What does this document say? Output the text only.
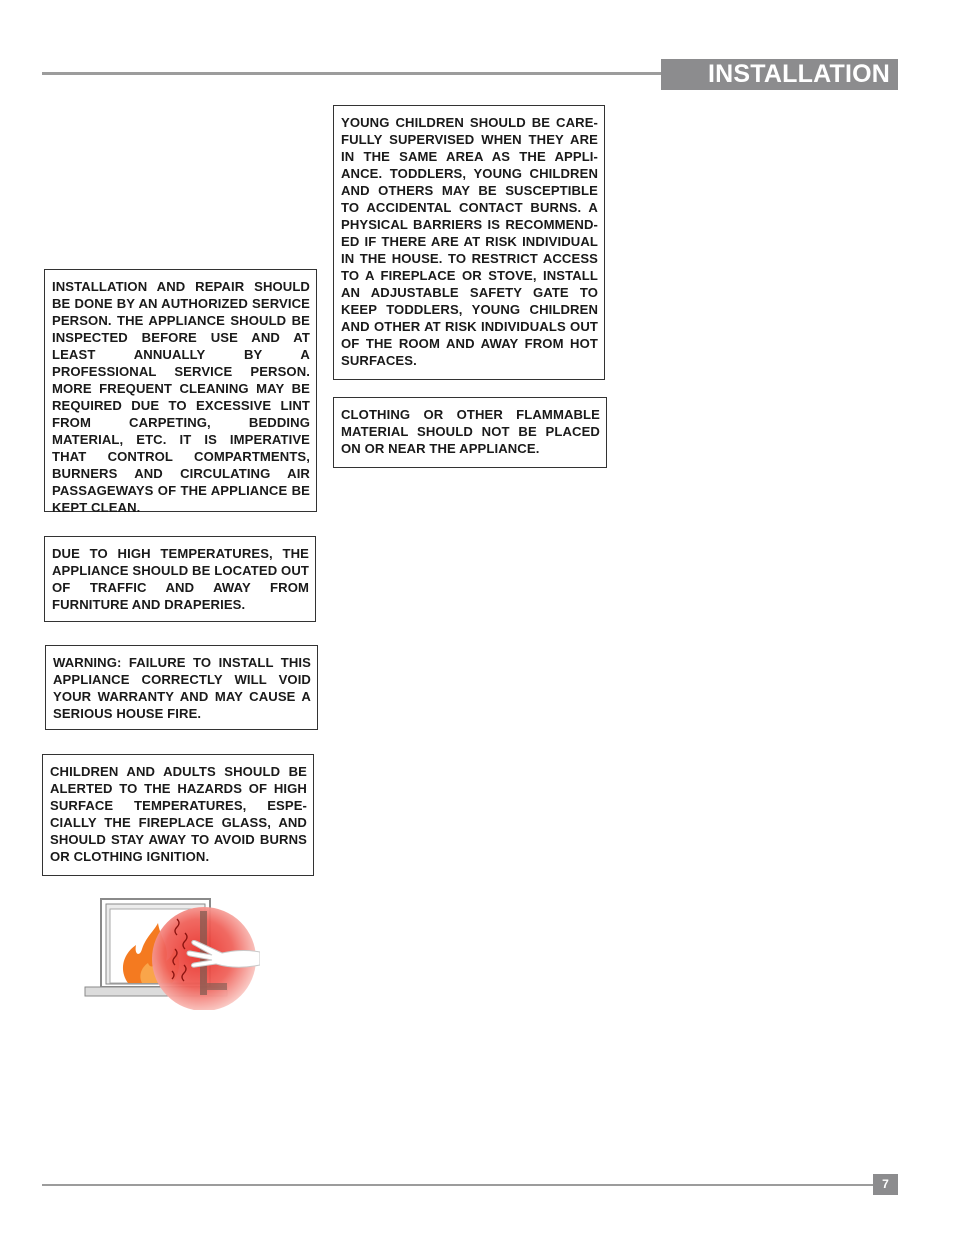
INSTALLATION
INSTALLATION AND REPAIR SHOULD BE DONE BY AN AUTHORIZED SERVICE PERSON. THE APPLIANCE SHOULD BE INSPECTED BEFORE USE AND AT LEAST ANNUALLY BY A PROFESSIONAL SERVICE PERSON. MORE FREQUENT CLEANING MAY BE REQUIRED DUE TO EXCESSIVE LINT FROM CARPETING, BEDDING MATERIAL, ETC. IT IS IMPERATIVE THAT CONTROL COMPARTMENTS, BURNERS AND CIRCULATING AIR PASSAGEWAYS OF THE APPLIANCE BE KEPT CLEAN.
DUE TO HIGH TEMPERATURES, THE APPLIANCE SHOULD BE LOCATED OUT OF TRAFFIC AND AWAY FROM FURNITURE AND DRAPERIES.
WARNING: FAILURE TO INSTALL THIS APPLIANCE CORRECTLY WILL VOID YOUR WARRANTY AND MAY CAUSE A SERIOUS HOUSE FIRE.
CHILDREN AND ADULTS SHOULD BE ALERTED TO THE HAZARDS OF HIGH SURFACE TEMPERATURES, ESPE-CIALLY THE FIREPLACE GLASS, AND SHOULD STAY AWAY TO AVOID BURNS OR CLOTHING IGNITION.
YOUNG CHILDREN SHOULD BE CARE-FULLY SUPERVISED WHEN THEY ARE IN THE SAME AREA AS THE APPLI-ANCE. TODDLERS, YOUNG CHILDREN AND OTHERS MAY BE SUSCEPTIBLE TO ACCIDENTAL CONTACT BURNS. A PHYSICAL BARRIERS IS RECOMMEND-ED IF THERE ARE AT RISK INDIVIDUAL IN THE HOUSE. TO RESTRICT ACCESS TO A FIREPLACE OR STOVE, INSTALL AN ADJUSTABLE SAFETY GATE TO KEEP TODDLERS, YOUNG CHILDREN AND OTHER AT RISK INDIVIDUALS OUT OF THE ROOM AND AWAY FROM HOT SURFACES.
CLOTHING OR OTHER FLAMMABLE MATERIAL SHOULD NOT BE PLACED ON OR NEAR THE APPLIANCE.
7
